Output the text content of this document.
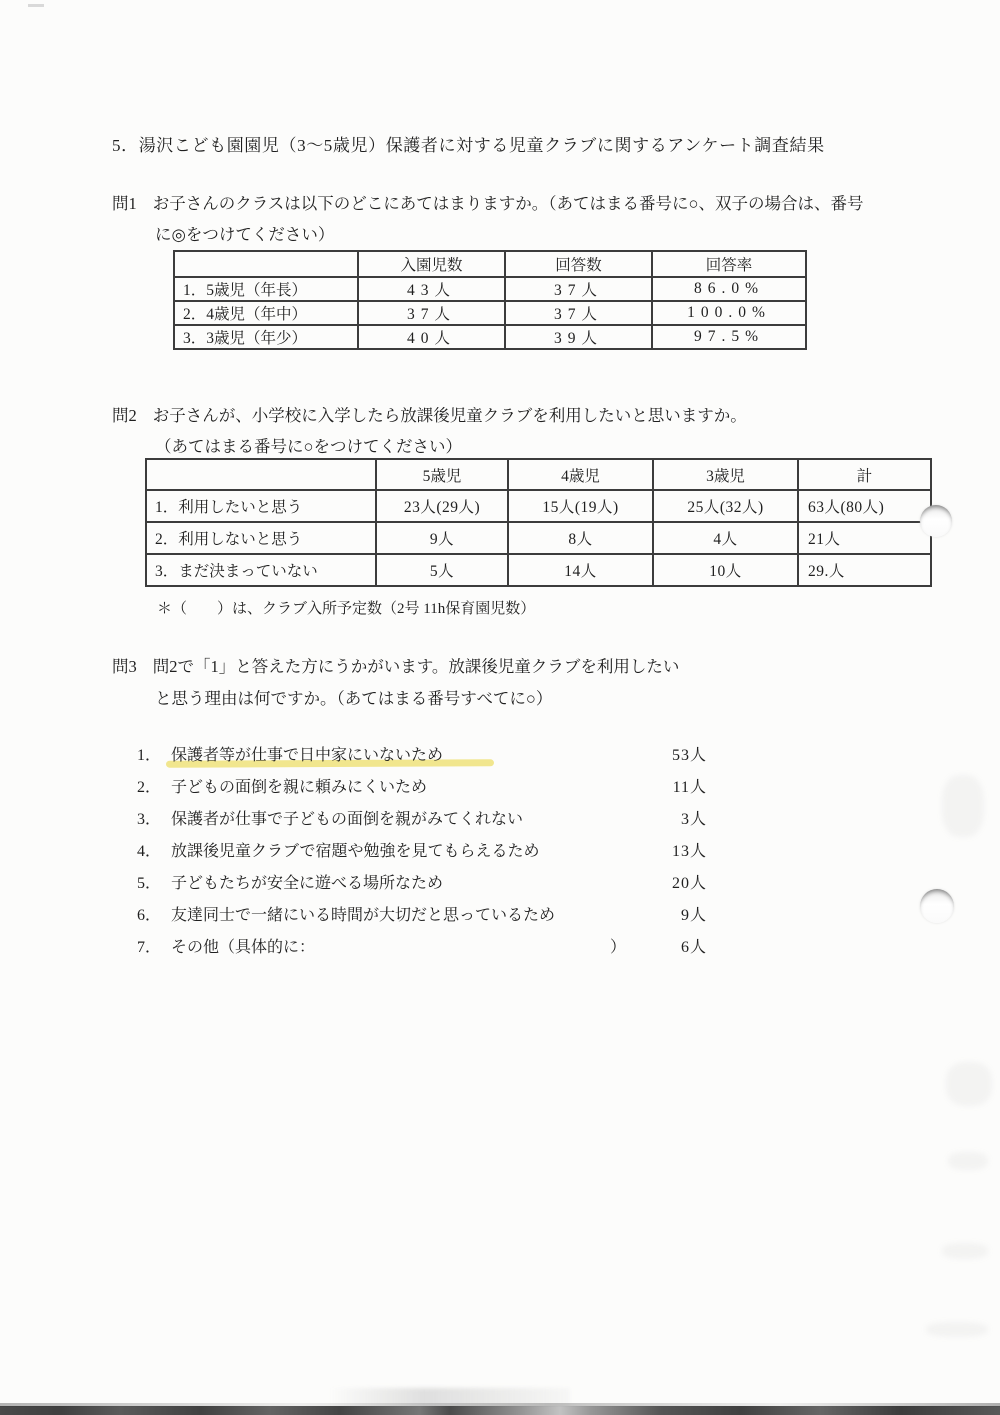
5．湯沢こども園園児（3～5歳児）保護者に対する児童クラブに関するアンケート調査結果
問1 お子さんのクラスは以下のどこにあてはまりますか。（あてはまる番号に○、双子の場合は、番号
に◎をつけてください）
	入園児数	回答数	回答率
1．5歳児（年長）	43人	37人	86.0%
2．4歳児（年中）	37人	37人	100.0%
3．3歳児（年少）	40人	39人	97.5%
問2 お子さんが、小学校に入学したら放課後児童クラブを利用したいと思いますか。
（あてはまる番号に○をつけてください）
	5歳児	4歳児	3歳児	計
1．利用したいと思う	23人(29人)	15人(19人)	25人(32人)	63人(80人)
2．利用しないと思う	9人	8人	4人	21人
3．まだ決まっていない	5人	14人	10人	29.人
＊（　　）は、クラブ入所予定数（2号 11h保育園児数）
問3 問2で「1」と答えた方にうかがいます。放課後児童クラブを利用したい
と思う理由は何ですか。（あてはまる番号すべてに○）
1． 保護者等が仕事で日中家にいないため	53人
2． 子どもの面倒を親に頼みにくいため	11人
3． 保護者が仕事で子どもの面倒を親がみてくれない	3人
4． 放課後児童クラブで宿題や勉強を見てもらえるため	13人
5． 子どもたちが安全に遊べる場所なため	20人
6． 友達同士で一緒にいる時間が大切だと思っているため	9人
7． その他（具体的に：	）	6人
